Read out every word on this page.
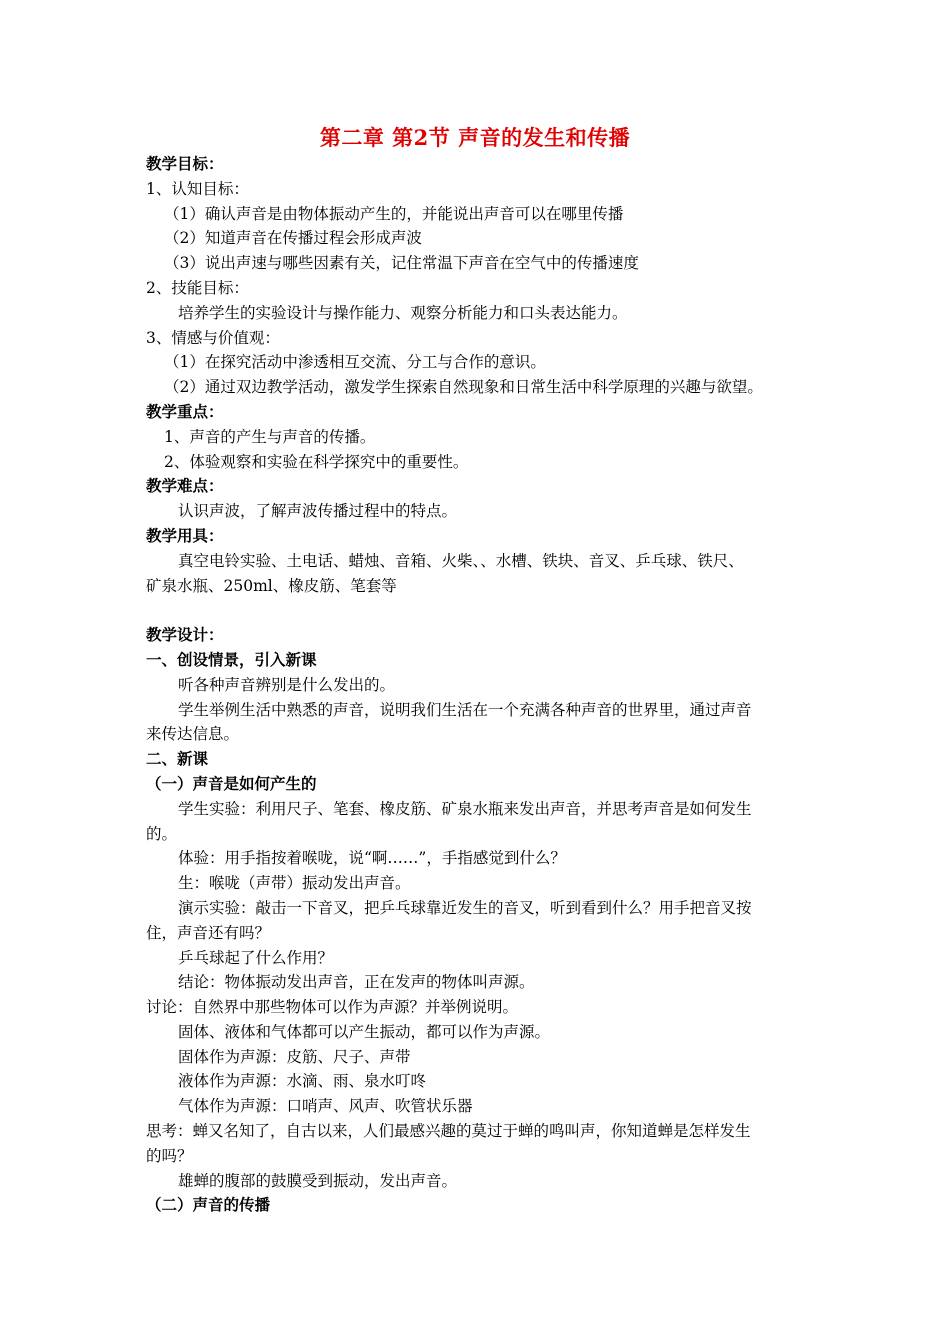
第二章 第2节 声音的发生和传播
教学目标：
1、认知目标：
（1）确认声音是由物体振动产生的，并能说出声音可以在哪里传播
（2）知道声音在传播过程会形成声波
（3）说出声速与哪些因素有关，记住常温下声音在空气中的传播速度
2、技能目标：
培养学生的实验设计与操作能力、观察分析能力和口头表达能力。
3、情感与价值观：
（1）在探究活动中渗透相互交流、分工与合作的意识。
（2）通过双边教学活动，激发学生探索自然现象和日常生活中科学原理的兴趣与欲望。
教学重点：
1、声音的产生与声音的传播。
2、体验观察和实验在科学探究中的重要性。
教学难点：
认识声波，了解声波传播过程中的特点。
教学用具：
真空电铃实验、土电话、蜡烛、音箱、火柴、、水槽、铁块、音叉、乒乓球、铁尺、
矿泉水瓶、250ml、橡皮筋、笔套等
教学设计：
一、创设情景，引入新课
听各种声音辨别是什么发出的。
学生举例生活中熟悉的声音，说明我们生活在一个充满各种声音的世界里，通过声音
来传达信息。
二、新课
（一）声音是如何产生的
学生实验：利用尺子、笔套、橡皮筋、矿泉水瓶来发出声音，并思考声音是如何发生
的。
体验：用手指按着喉咙，说“啊……”，手指感觉到什么？
生：喉咙（声带）振动发出声音。
演示实验：敲击一下音叉，把乒乓球靠近发生的音叉，听到看到什么？用手把音叉按
住，声音还有吗？
乒乓球起了什么作用？
结论：物体振动发出声音，正在发声的物体叫声源。
讨论：自然界中那些物体可以作为声源？并举例说明。
固体、液体和气体都可以产生振动，都可以作为声源。
固体作为声源：皮筋、尺子、声带
液体作为声源：水滴、雨、泉水叮咚
气体作为声源：口哨声、风声、吹管状乐器
思考：蝉又名知了，自古以来，人们最感兴趣的莫过于蝉的鸣叫声，你知道蝉是怎样发生
的吗？
雄蝉的腹部的鼓膜受到振动，发出声音。
（二）声音的传播
